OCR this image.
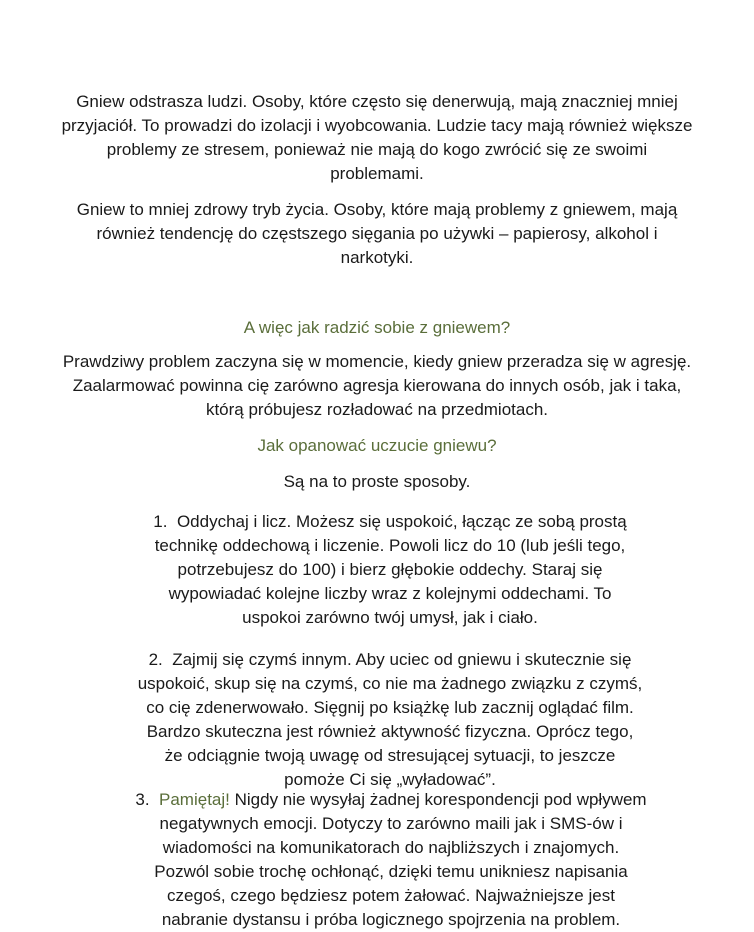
Gniew odstrasza ludzi. Osoby, które często się denerwują, mają znaczniej mniej przyjaciół. To prowadzi do izolacji i wyobcowania. Ludzie tacy mają również większe problemy ze stresem, ponieważ nie mają do kogo zwrócić się ze swoimi problemami.

Gniew to mniej zdrowy tryb życia. Osoby, które mają problemy z gniewem, mają również tendencję do częstszego sięgania po używki – papierosy, alkohol i narkotyki.

A więc jak radzić sobie z gniewem?

Prawdziwy problem zaczyna się w momencie, kiedy gniew przeradza się w agresję. Zaalarmować powinna cię zarówno agresja kierowana do innych osób, jak i taka, którą próbujesz rozładować na przedmiotach.

Jak opanować uczucie gniewu?

Są na to proste sposoby.

1. Oddychaj i licz. Możesz się uspokoić, łącząc ze sobą prostą
technikę oddechową i liczenie. Powoli licz do 10 (lub jeśli tego,
potrzebujesz do 100) i bierz głębokie oddechy. Staraj się
wypowiadać kolejne liczby wraz z kolejnymi oddechami. To
uspokoi zarówno twój umysł, jak i ciało.
2. Zajmij się czymś innym. Aby uciec od gniewu i skutecznie się
uspokoić, skup się na czymś, co nie ma żadnego związku z czymś,
co cię zdenerwowało. Sięgnij po książkę lub zacznij oglądać film.
Bardzo skuteczna jest również aktywność fizyczna. Oprócz tego,
że odciągnie twoją uwagę od stresującej sytuacji, to jeszcze
pomoże Ci się „wyładować”.
3. Pamiętaj! Nigdy nie wysyłaj żadnej korespondencji pod wpływem
negatywnych emocji. Dotyczy to zarówno maili jak i SMS-ów i
wiadomości na komunikatorach do najbliższych i znajomych.
Pozwól sobie trochę ochłonąć, dzięki temu unikniesz napisania
czegoś, czego będziesz potem żałować. Najważniejsze jest
nabranie dystansu i próba logicznego spojrzenia na problem.
